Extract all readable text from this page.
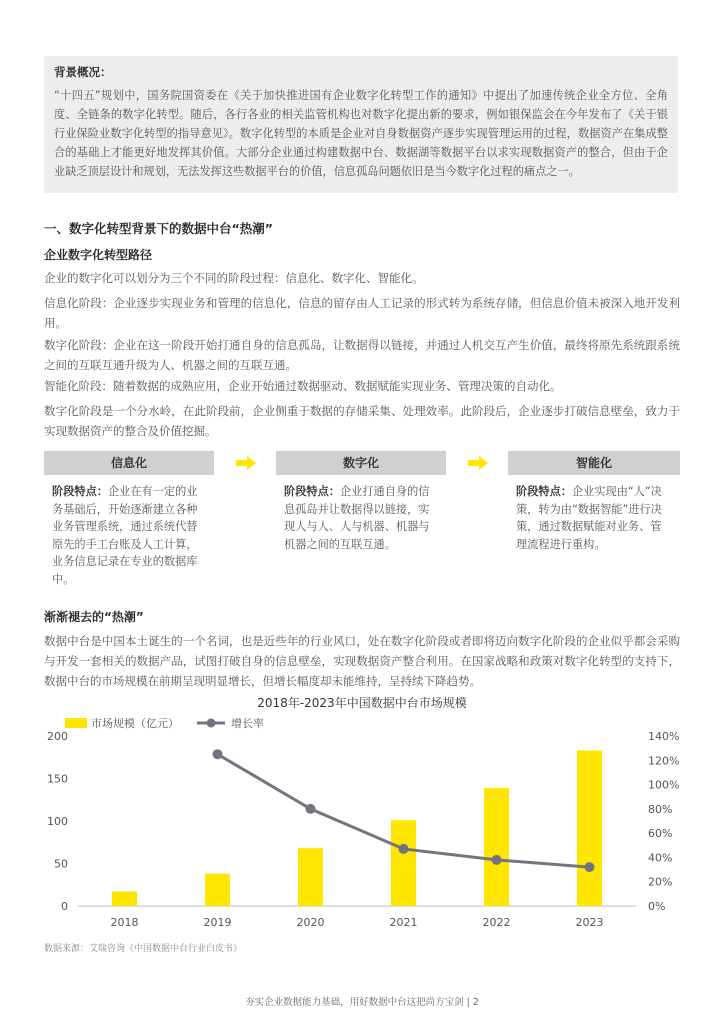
背景概况：
“十四五”规划中，国务院国资委在《关于加快推进国有企业数字化转型工作的通知》中提出了加速传统企业全方位、全角度、全链条的数字化转型。随后，各行各业的相关监管机构也对数字化提出新的要求，例如银保监会在今年发布了《关于银行业保险业数字化转型的指导意见》。数字化转型的本质是企业对自身数据资产逐步实现管理运用的过程，数据资产在集成整合的基础上才能更好地发挥其价值。大部分企业通过构建数据中台、数据湖等数据平台以求实现数据资产的整合，但由于企业缺乏顶层设计和规划，无法发挥这些数据平台的价值，信息孤岛问题依旧是当今数字化过程的痛点之一。
一、数字化转型背景下的数据中台“热潮”
企业数字化转型路径
企业的数字化可以划分为三个不同的阶段过程：信息化、数字化、智能化。
信息化阶段：企业逐步实现业务和管理的信息化，信息的留存由人工记录的形式转为系统存储，但信息价值未被深入地开发利用。
数字化阶段：企业在这一阶段开始打通自身的信息孤岛，让数据得以链接，并通过人机交互产生价值，最终将原先系统跟系统之间的互联互通升级为人、机器之间的互联互通。
智能化阶段：随着数据的成熟应用，企业开始通过数据驱动、数据赋能实现业务、管理决策的自动化。
数字化阶段是一个分水岭，在此阶段前，企业侧重于数据的存储采集、处理效率。此阶段后，企业逐步打破信息壁垒，致力于实现数据资产的整合及价值挖掘。
信息化	数字化	智能化
阶段特点：企业在有一定的业务基础后，开始逐渐建立各种业务管理系统，通过系统代替原先的手工台账及人工计算，业务信息记录在专业的数据库中。
阶段特点：企业打通自身的信息孤岛并让数据得以链接，实现人与人、人与机器、机器与机器之间的互联互通。
阶段特点：企业实现由“人”决策，转为由“数据智能”进行决策，通过数据赋能对业务、管理流程进行重构。
渐渐褪去的“热潮”
数据中台是中国本土诞生的一个名词，也是近些年的行业风口，处在数字化阶段或者即将迈向数字化阶段的企业似乎都会采购与开发一套相关的数据产品，试图打破自身的信息壁垒，实现数据资产整合利用。在国家战略和政策对数字化转型的支持下，数据中台的市场规模在前期呈现明显增长，但增长幅度却未能维持，呈持续下降趋势。
2018年-2023年中国数据中台市场规模
市场规模（亿元）	增长率
0
50
100
150
200
0%
20%
40%
60%
80%
100%
120%
140%
2018	2019	2020	2021	2022	2023
数据来源：艾瑞咨询《中国数据中台行业白皮书》
夯实企业数据能力基础，用好数据中台这把尚方宝剑 | 2
